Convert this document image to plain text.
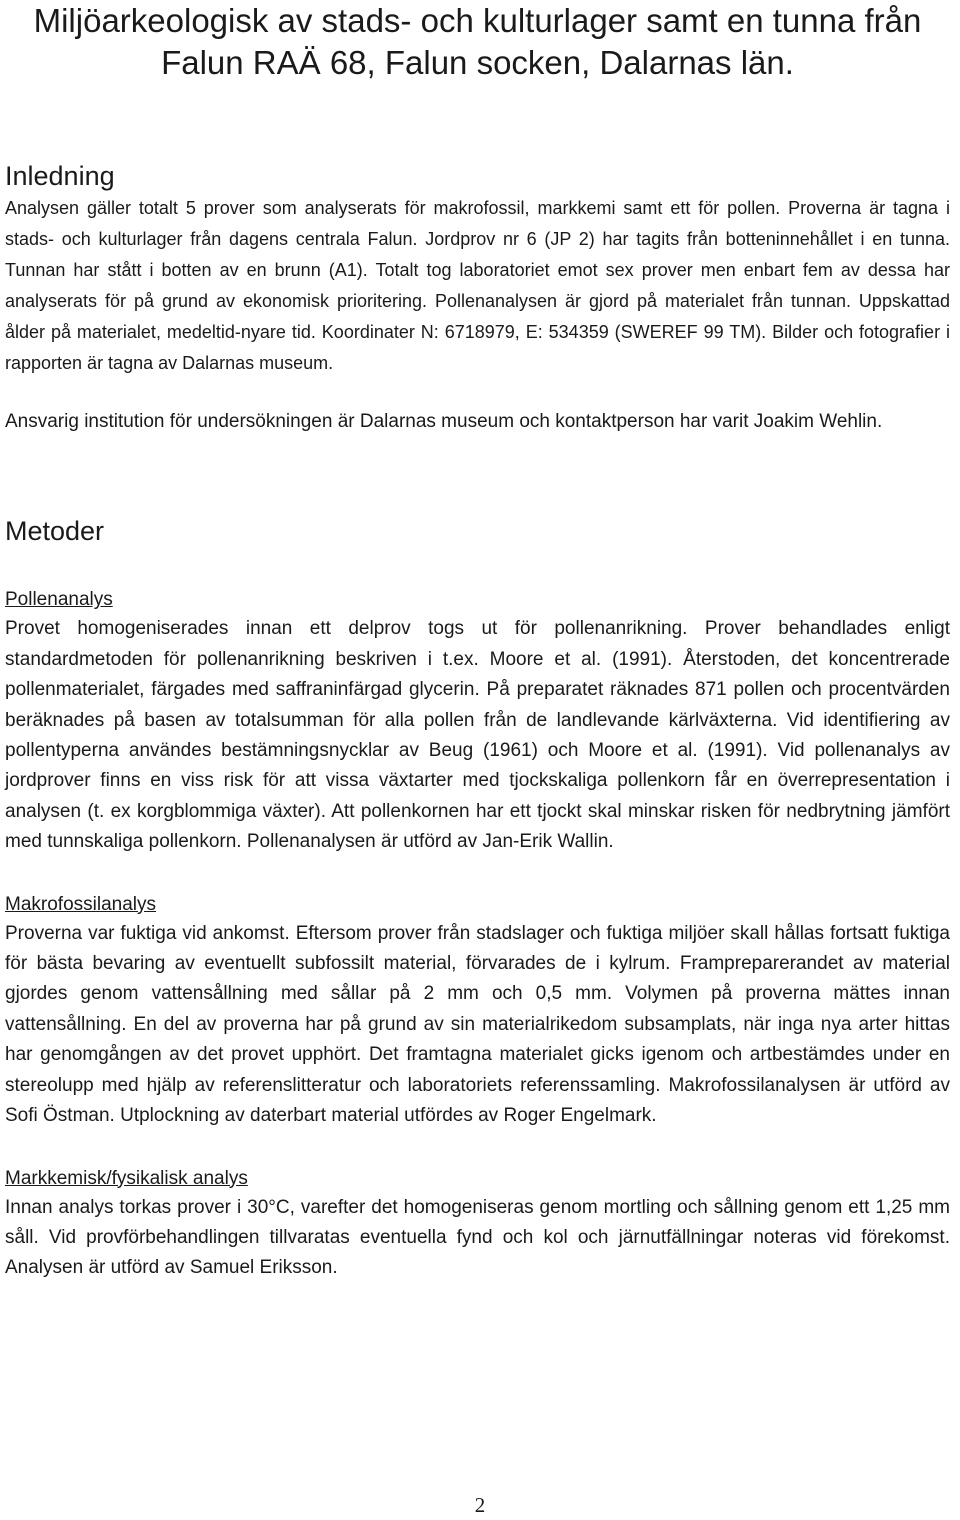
Miljöarkeologisk av stads- och kulturlager samt en tunna från Falun RAÄ 68, Falun socken, Dalarnas län.
Inledning

Analysen gäller totalt 5 prover som analyserats för makrofossil, markkemi samt ett för pollen. Proverna är tagna i stads- och kulturlager från dagens centrala Falun. Jordprov nr 6 (JP 2) har tagits från botteninnehållet i en tunna. Tunnan har stått i botten av en brunn (A1). Totalt tog laboratoriet emot sex prover men enbart fem av dessa har analyserats för på grund av ekonomisk prioritering. Pollenanalysen är gjord på materialet från tunnan. Uppskattad ålder på materialet, medeltid-nyare tid. Koordinater N: 6718979, E: 534359 (SWEREF 99 TM). Bilder och fotografier i rapporten är tagna av Dalarnas museum.

Ansvarig institution för undersökningen är Dalarnas museum och kontaktperson har varit Joakim Wehlin.

Metoder
Pollenanalys

Provet homogeniserades innan ett delprov togs ut för pollenanrikning. Prover behandlades enligt standardmetoden för pollenanrikning beskriven i t.ex. Moore et al. (1991). Återstoden, det koncentrerade pollenmaterialet, färgades med saffraninfärgad glycerin. På preparatet räknades 871 pollen och procentvärden beräknades på basen av totalsumman för alla pollen från de landlevande kärlväxterna. Vid identifiering av pollentyperna användes bestämningsnycklar av Beug (1961) och Moore et al. (1991). Vid pollenanalys av jordprover finns en viss risk för att vissa växtarter med tjockskaliga pollenkorn får en överrepresentation i analysen (t. ex korgblommiga växter). Att pollenkornen har ett tjockt skal minskar risken för nedbrytning jämfört med tunnskaliga pollenkorn. Pollenanalysen är utförd av Jan-Erik Wallin.

Makrofossilanalys

Proverna var fuktiga vid ankomst. Eftersom prover från stadslager och fuktiga miljöer skall hållas fortsatt fuktiga för bästa bevaring av eventuellt subfossilt material, förvarades de i kylrum. Frampreparerandet av material gjordes genom vattensållning med sållar på 2 mm och 0,5 mm. Volymen på proverna mättes innan vattensållning. En del av proverna har på grund av sin materialrikedom subsamplats, när inga nya arter hittas har genomgången av det provet upphört. Det framtagna materialet gicks igenom och artbestämdes under en stereolupp med hjälp av referenslitteratur och laboratoriets referenssamling. Makrofossilanalysen är utförd av Sofi Östman. Utplockning av daterbart material utfördes av Roger Engelmark.

Markkemisk/fysikalisk analys

Innan analys torkas prover i 30°C, varefter det homogeniseras genom mortling och sållning genom ett 1,25 mm såll. Vid provförbehandlingen tillvaratas eventuella fynd och kol och järnutfällningar noteras vid förekomst. Analysen är utförd av Samuel Eriksson.

2
